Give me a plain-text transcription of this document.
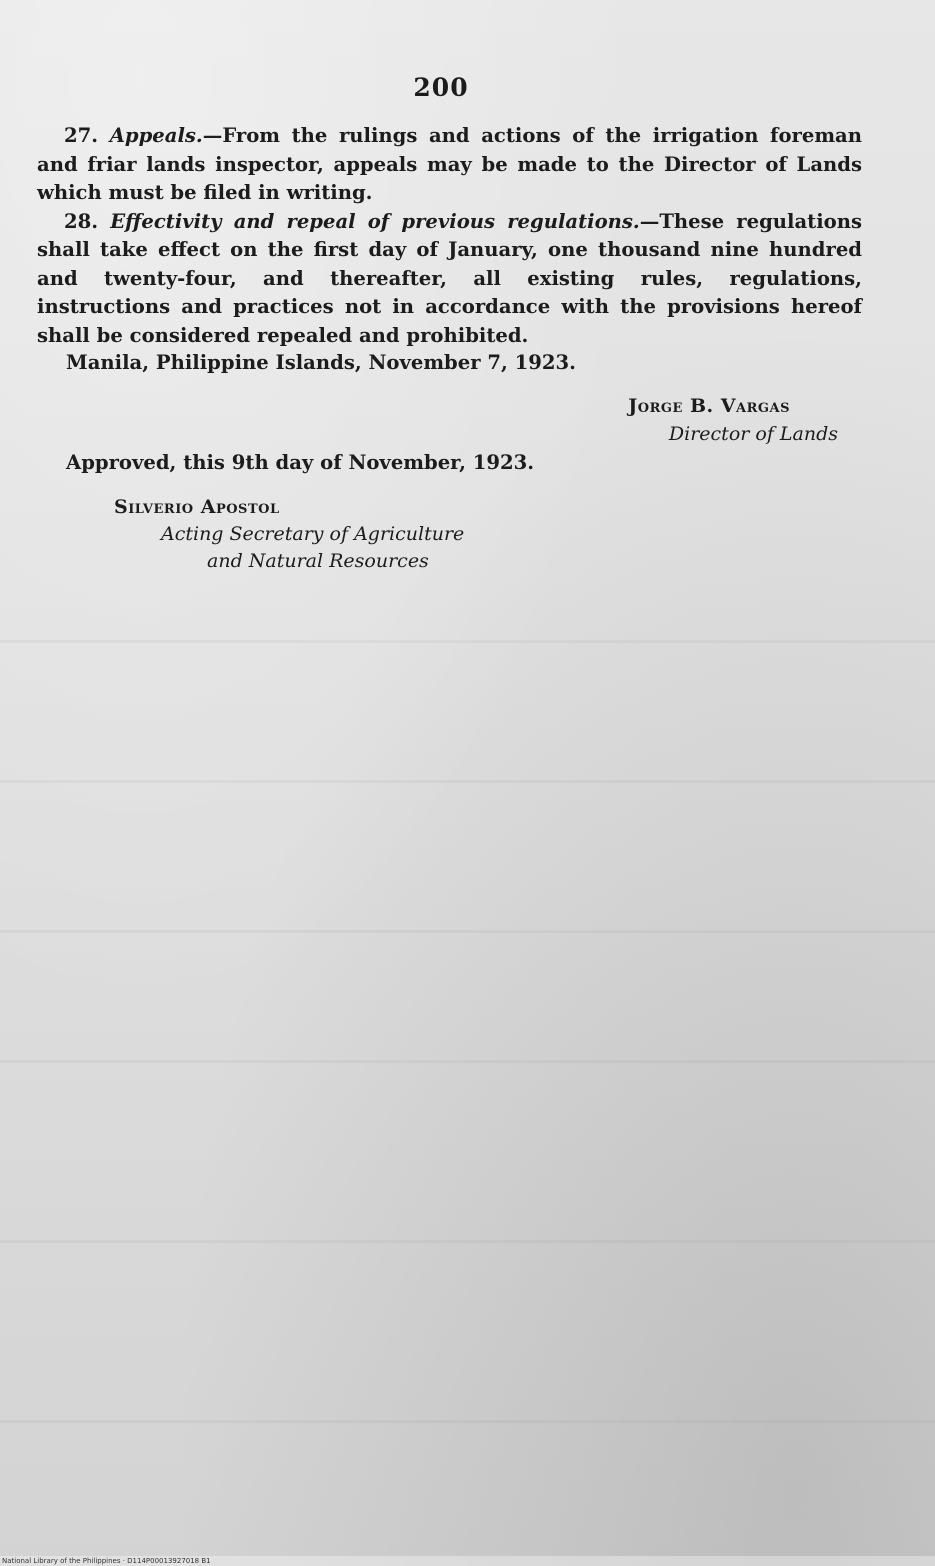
200

27. Appeals.—From the rulings and actions of the irrigation foreman and friar lands inspector, appeals may be made to the Director of Lands which must be filed in writing.

28. Effectivity and repeal of previous regulations.—These regulations shall take effect on the first day of January, one thousand nine hundred and twenty-four, and thereafter, all existing rules, regulations, instructions and practices not in accordance with the provisions hereof shall be considered repealed and prohibited.

Manila, Philippine Islands, November 7, 1923.
Jorge B. Vargas
Director of Lands
Approved, this 9th day of November, 1923.
Silverio Apostol
Acting Secretary of Agriculture
and Natural Resources
National Library of the Philippines · D114P00013927018 B1
